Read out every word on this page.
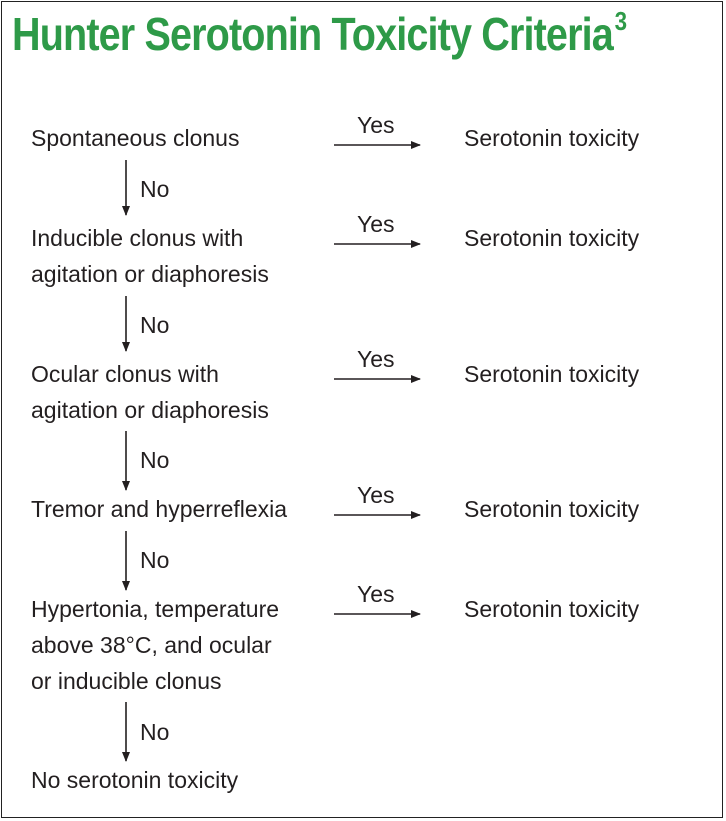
Hunter Serotonin Toxicity Criteria$^3$
Spontaneous clonus
Inducible clonus with
agitation or diaphoresis
Ocular clonus with
agitation or diaphoresis
Tremor and hyperreflexia
Hypertonia, temperature
above 38°C, and ocular
or inducible clonus
No serotonin toxicity
Yes
Yes
Yes
Yes
Yes
Serotonin toxicity
Serotonin toxicity
Serotonin toxicity
Serotonin toxicity
Serotonin toxicity
No
No
No
No
No
